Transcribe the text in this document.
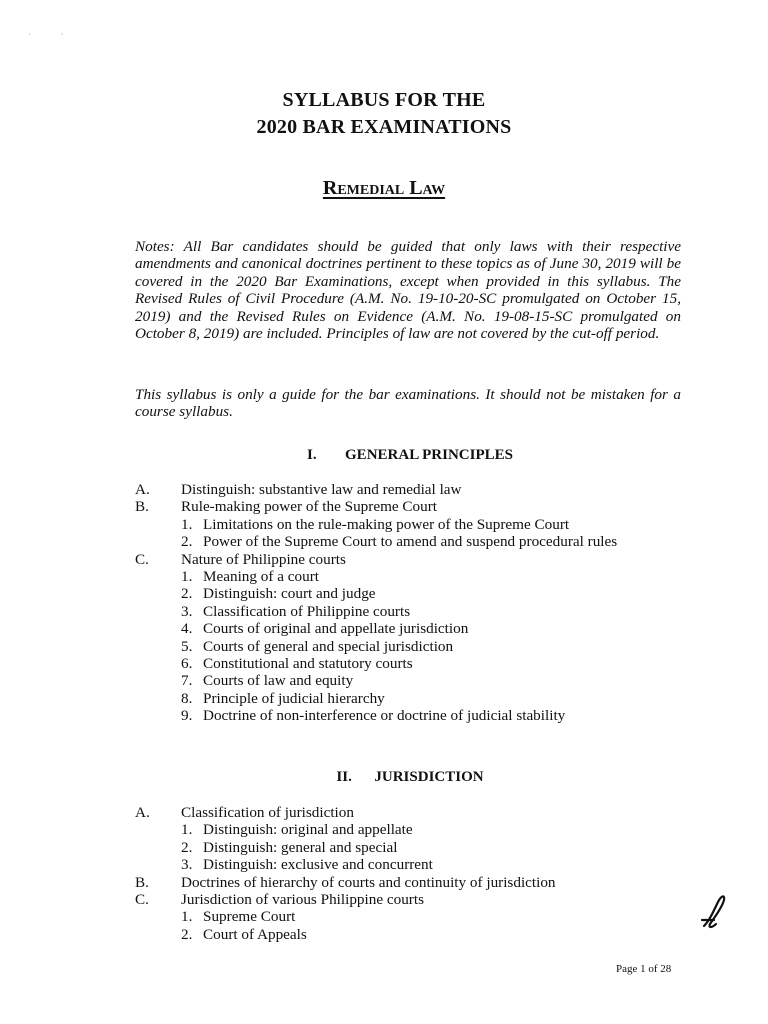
· ·
SYLLABUS FOR THE
2020 BAR EXAMINATIONS
Remedial Law
Notes: All Bar candidates should be guided that only laws with their respective amendments and canonical doctrines pertinent to these topics as of June 30, 2019 will be covered in the 2020 Bar Examinations, except when provided in this syllabus. The Revised Rules of Civil Procedure (A.M. No. 19-10-20-SC promulgated on October 15, 2019) and the Revised Rules on Evidence (A.M. No. 19-08-15-SC promulgated on October 8, 2019) are included. Principles of law are not covered by the cut-off period.
This syllabus is only a guide for the bar examinations. It should not be mistaken for a course syllabus.
I. GENERAL PRINCIPLES
A. Distinguish: substantive law and remedial law
B. Rule-making power of the Supreme Court
1. Limitations on the rule-making power of the Supreme Court
2. Power of the Supreme Court to amend and suspend procedural rules
C. Nature of Philippine courts
1. Meaning of a court
2. Distinguish: court and judge
3. Classification of Philippine courts
4. Courts of original and appellate jurisdiction
5. Courts of general and special jurisdiction
6. Constitutional and statutory courts
7. Courts of law and equity
8. Principle of judicial hierarchy
9. Doctrine of non-interference or doctrine of judicial stability
II. JURISDICTION
A. Classification of jurisdiction
1. Distinguish: original and appellate
2. Distinguish: general and special
3. Distinguish: exclusive and concurrent
B. Doctrines of hierarchy of courts and continuity of jurisdiction
C. Jurisdiction of various Philippine courts
1. Supreme Court
2. Court of Appeals
Page 1 of 28
